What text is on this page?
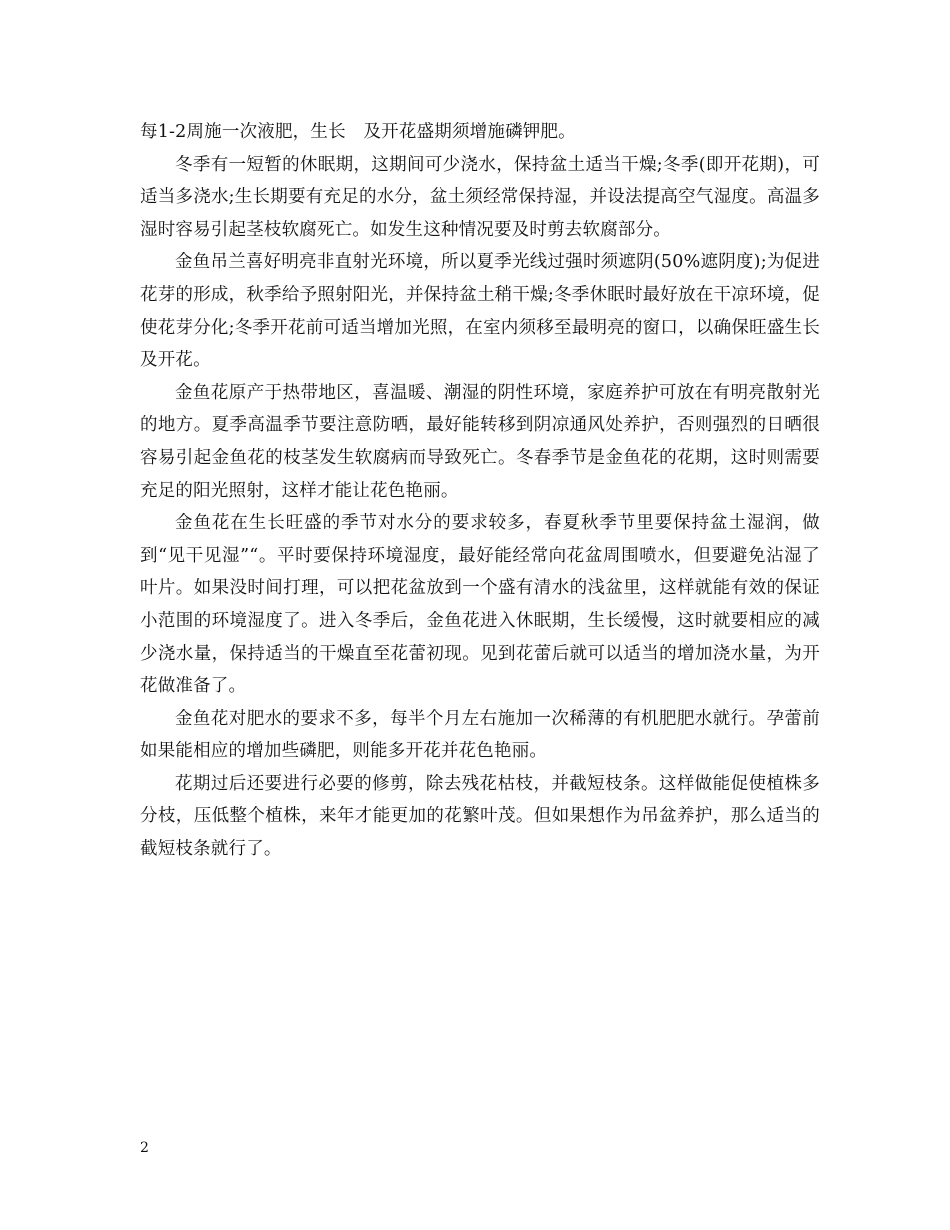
每1-2周施一次液肥，生长　及开花盛期须增施磷钾肥。

冬季有一短暂的休眠期，这期间可少浇水，保持盆土适当干燥;冬季(即开花期)，可适当多浇水;生长期要有充足的水分，盆土须经常保持湿，并设法提高空气湿度。高温多湿时容易引起茎枝软腐死亡。如发生这种情况要及时剪去软腐部分。

金鱼吊兰喜好明亮非直射光环境，所以夏季光线过强时须遮阴(50%遮阴度);为促进花芽的形成，秋季给予照射阳光，并保持盆土稍干燥;冬季休眠时最好放在干凉环境，促使花芽分化;冬季开花前可适当增加光照，在室内须移至最明亮的窗口，以确保旺盛生长及开花。

金鱼花原产于热带地区，喜温暖、潮湿的阴性环境，家庭养护可放在有明亮散射光的地方。夏季高温季节要注意防晒，最好能转移到阴凉通风处养护，否则强烈的日晒很容易引起金鱼花的枝茎发生软腐病而导致死亡。冬春季节是金鱼花的花期，这时则需要充足的阳光照射，这样才能让花色艳丽。

金鱼花在生长旺盛的季节对水分的要求较多，春夏秋季节里要保持盆土湿润，做到“见干见湿”“。平时要保持环境湿度，最好能经常向花盆周围喷水，但要避免沾湿了叶片。如果没时间打理，可以把花盆放到一个盛有清水的浅盆里，这样就能有效的保证小范围的环境湿度了。进入冬季后，金鱼花进入休眠期，生长缓慢，这时就要相应的减少浇水量，保持适当的干燥直至花蕾初现。见到花蕾后就可以适当的增加浇水量，为开花做准备了。

金鱼花对肥水的要求不多，每半个月左右施加一次稀薄的有机肥肥水就行。孕蕾前如果能相应的增加些磷肥，则能多开花并花色艳丽。

花期过后还要进行必要的修剪，除去残花枯枝，并截短枝条。这样做能促使植株多分枝，压低整个植株，来年才能更加的花繁叶茂。但如果想作为吊盆养护，那么适当的截短枝条就行了。

2
